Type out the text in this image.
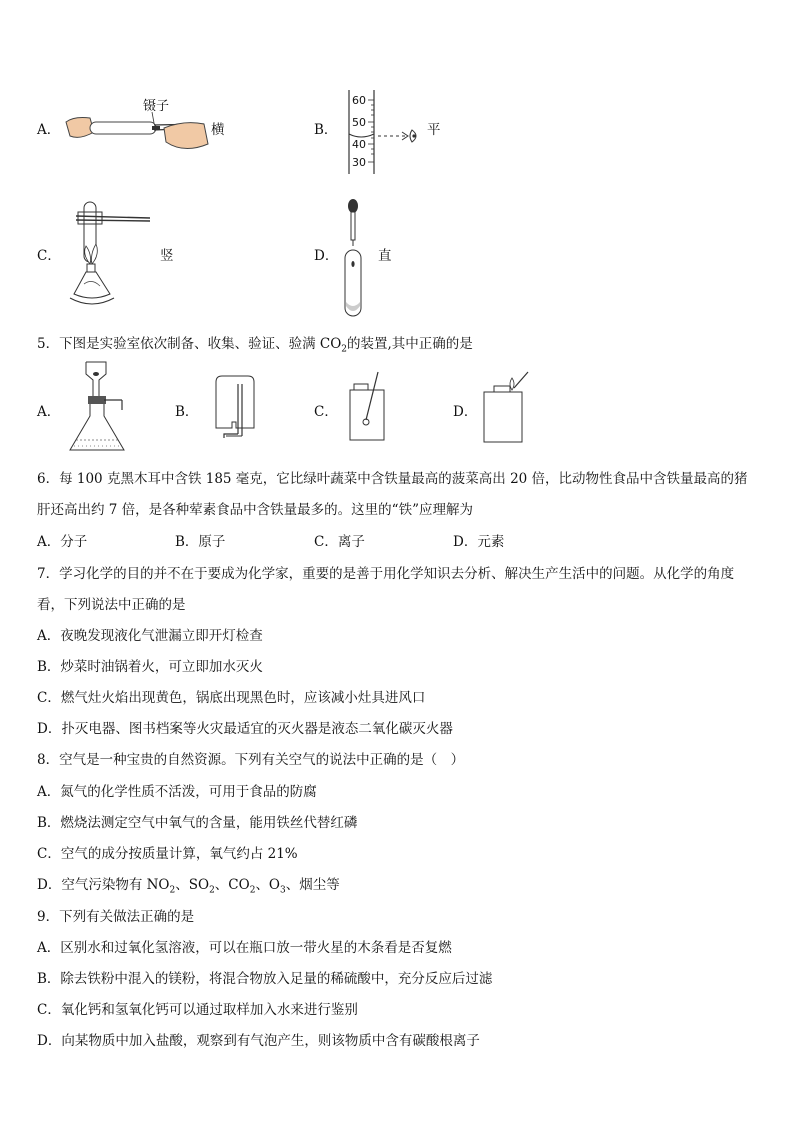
A．
镊子
横	B．	平
60
50
40
30
C．	竖	D．	直
5．下图是实验室依次制备、收集、验证、验满 $CO_2$的装置,其中正确的是
A．	B．	C．	D．
6．每 100 克黑木耳中含铁 185 毫克，它比绿叶蔬菜中含铁量最高的菠菜高出 20 倍，比动物性食品中含铁量最高的猪
肝还高出约 7 倍，是各种荤素食品中含铁量最多的。这里的“铁”应理解为
A．分子	B．原子	C．离子	D．元素
7．学习化学的目的并不在于要成为化学家，重要的是善于用化学知识去分析、解决生产生活中的问题。从化学的角度
看，下列说法中正确的是
A．夜晚发现液化气泄漏立即开灯检查
B．炒菜时油锅着火，可立即加水灭火
C．燃气灶火焰出现黄色，锅底出现黑色时，应该减小灶具进风口
D．扑灭电器、图书档案等火灾最适宜的灭火器是液态二氧化碳灭火器
8．空气是一种宝贵的自然资源。下列有关空气的说法中正确的是（　）
A．氮气的化学性质不活泼，可用于食品的防腐
B．燃烧法测定空气中氧气的含量，能用铁丝代替红磷
C．空气的成分按质量计算，氧气约占 21%
D．空气污染物有 $NO_2$、$SO_2$、$CO_2$、$O_3$、烟尘等
9．下列有关做法正确的是
A．区别水和过氧化氢溶液，可以在瓶口放一带火星的木条看是否复燃
B．除去铁粉中混入的镁粉，将混合物放入足量的稀硫酸中，充分反应后过滤
C．氧化钙和氢氧化钙可以通过取样加入水来进行鉴别
D．向某物质中加入盐酸，观察到有气泡产生，则该物质中含有碳酸根离子
